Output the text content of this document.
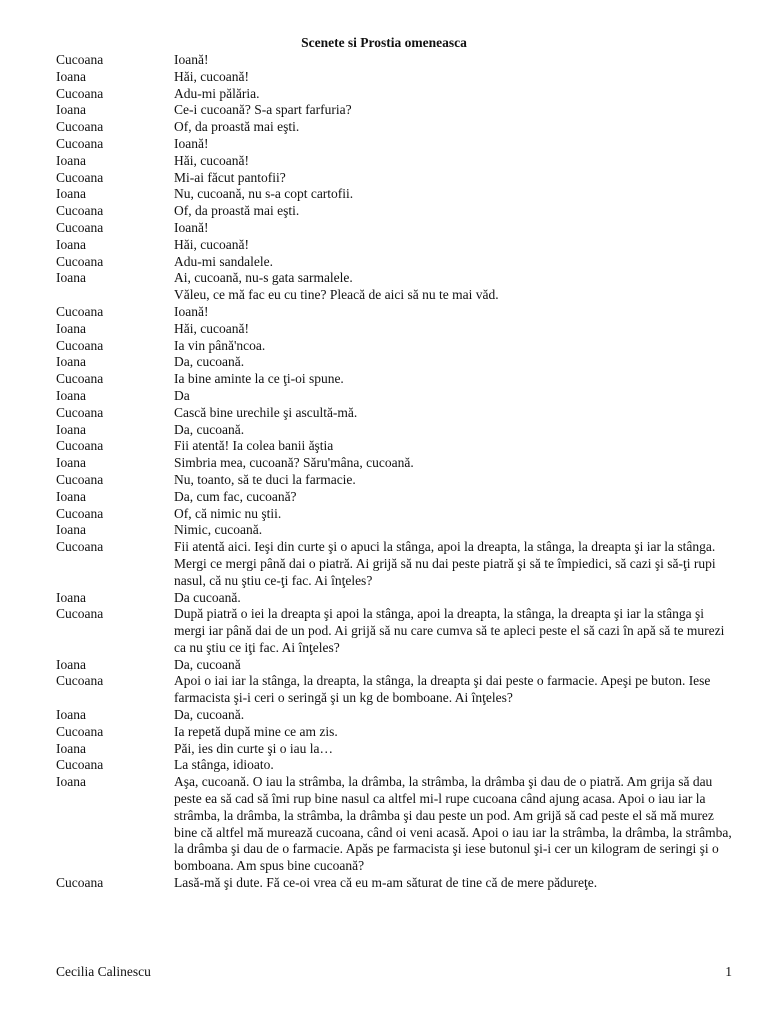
Scenete si Prostia omeneasca
Cucoana	Ioană!
Ioana	Hăi, cucoană!
Cucoana	Adu-mi pălăria.
Ioana	Ce-i cucoană? S-a spart farfuria?
Cucoana	Of, da proastă mai eşti.
Cucoana	Ioană!
Ioana	Hăi, cucoană!
Cucoana	Mi-ai făcut pantofii?
Ioana	Nu, cucoană, nu s-a copt cartofii.
Cucoana	Of, da proastă mai eşti.
Cucoana	Ioană!
Ioana	Hăi, cucoană!
Cucoana	Adu-mi sandalele.
Ioana	Ai, cucoană, nu-s gata sarmalele.
Văleu, ce mă fac eu cu tine? Pleacă de aici să nu te mai văd.
Cucoana	Ioană!
Ioana	Hăi, cucoană!
Cucoana	Ia vin până'ncoa.
Ioana	Da, cucoană.
Cucoana	Ia bine aminte la ce ţi-oi spune.
Ioana	Da
Cucoana	Cască bine urechile şi ascultă-mă.
Ioana	Da, cucoană.
Cucoana	Fii atentă! Ia colea banii ăştia
Ioana	Simbria mea, cucoană? Săru'mâna, cucoană.
Cucoana	Nu, toanto, să te duci la farmacie.
Ioana	Da, cum fac, cucoană?
Cucoana	Of, că nimic nu ştii.
Ioana	Nimic, cucoană.
Cucoana	Fii atentă aici. Ieşi din curte şi o apuci la stânga, apoi la dreapta, la stânga, la dreapta şi iar la stânga. Mergi ce mergi până dai o piatră. Ai grijă să nu dai peste piatră şi să te împiedici, să cazi şi să-ţi rupi nasul, că nu ştiu ce-ţi fac. Ai înţeles?
Ioana	Da cucoană.
Cucoana	După piatră o iei la dreapta şi apoi la stânga, apoi la dreapta, la stânga, la dreapta şi iar la stânga şi mergi iar până dai de un pod. Ai grijă să nu care cumva să te apleci peste el să cazi în apă să te murezi ca nu ştiu ce iţi fac. Ai înţeles?
Ioana	Da, cucoană
Cucoana	Apoi o iai iar la stânga, la dreapta, la stânga, la dreapta şi dai peste o farmacie. Apeşi pe buton. Iese farmacista şi-i ceri o seringă şi un kg de bomboane. Ai înţeles?
Ioana	Da, cucoană.
Cucoana	Ia repetă după mine ce am zis.
Ioana	Păi, ies din curte şi o iau la…
Cucoana	La stânga, idioato.
Ioana	Aşa, cucoană. O iau la strâmba, la drâmba, la strâmba, la drâmba şi dau de o piatră. Am grija să dau peste ea să cad să îmi rup bine nasul ca altfel mi-l rupe cucoana când ajung acasa. Apoi o iau iar la strâmba, la drâmba, la strâmba, la drâmba şi dau peste un pod. Am grijă să cad peste el să mă murez bine că altfel mă murează cucoana, când oi veni acasă. Apoi o iau iar la strâmba, la drâmba, la strâmba, la drâmba şi dau de o farmacie. Apăs pe farmacista şi iese butonul şi-i cer un kilogram de seringi şi o bomboana. Am spus bine cucoană?
Cucoana	Lasă-mă şi dute. Fă ce-oi vrea că eu m-am săturat de tine că de mere pădureţe.
Cecilia Calinescu	1
